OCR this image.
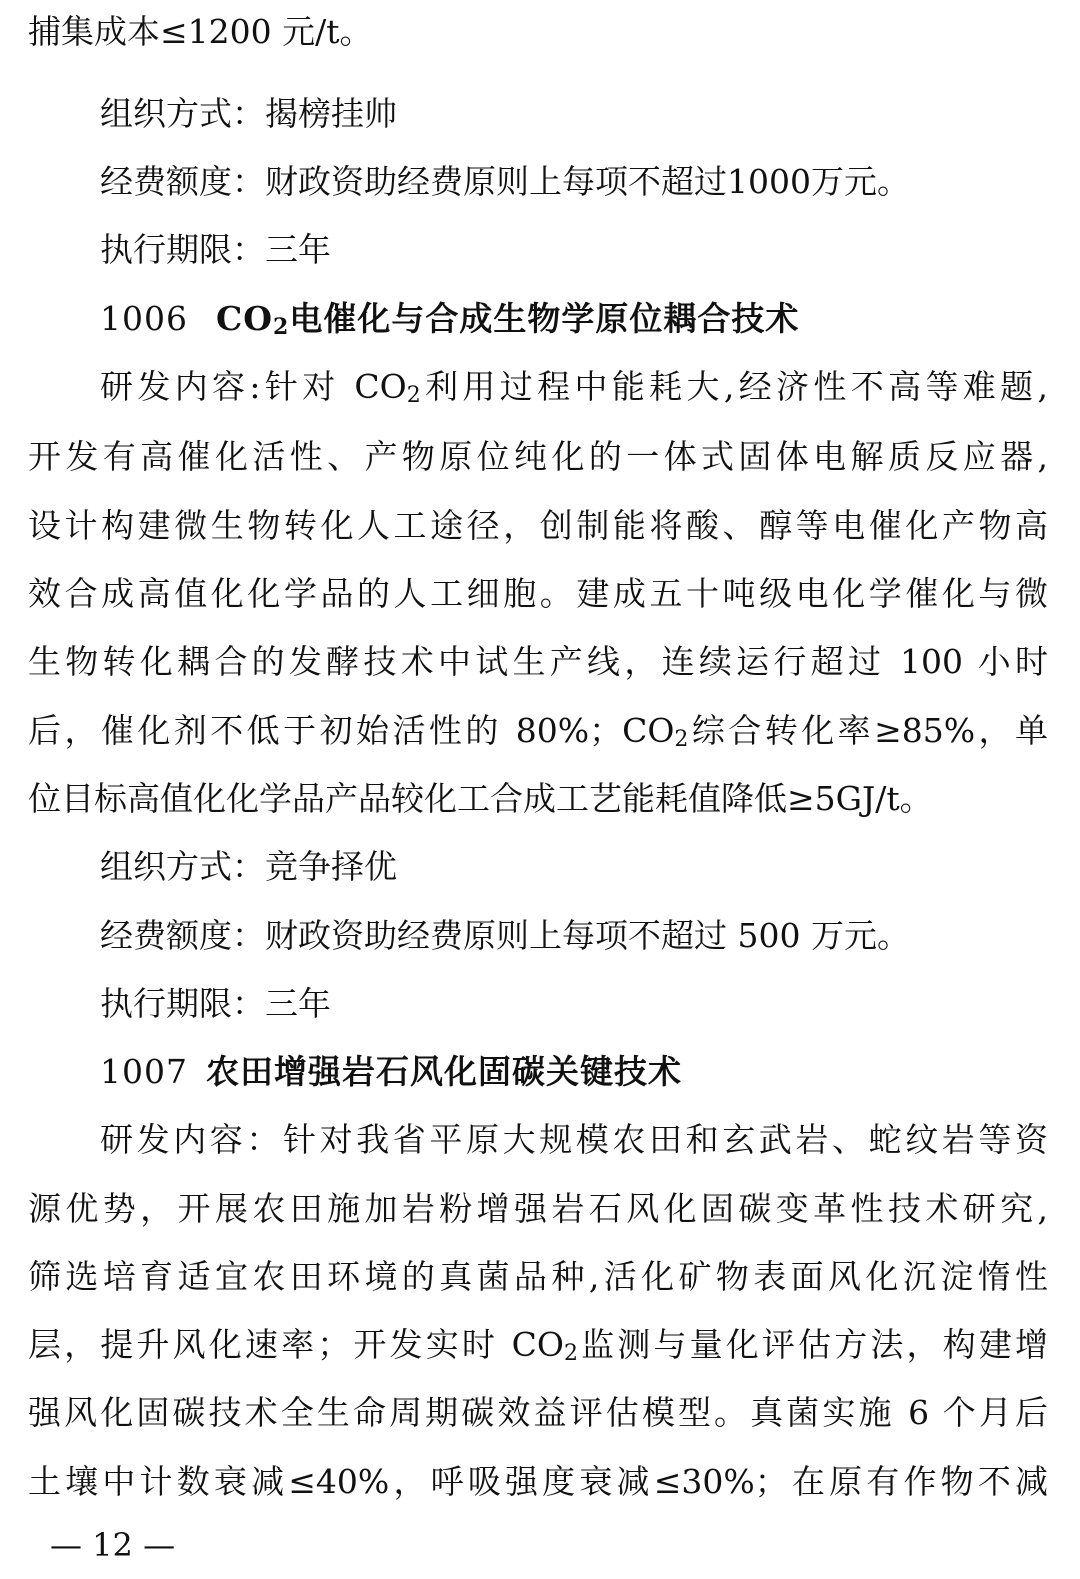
捕集成本≤1200 元/t。
组织方式：揭榜挂帅
经费额度：财政资助经费原则上每项不超过1000万元。
执行期限：三年
1006 $CO_2$电催化与合成生物学原位耦合技术
研发内容:针对 $CO_2$利用过程中能耗大,经济性不高等难题,
开发有高催化活性、产物原位纯化的一体式固体电解质反应器,
设计构建微生物转化人工途径，创制能将酸、醇等电催化产物高
效合成高值化化学品的人工细胞。建成五十吨级电化学催化与微
生物转化耦合的发酵技术中试生产线，连续运行超过 100 小时
后，催化剂不低于初始活性的 80%；$CO_2$综合转化率≥85%，单
位目标高值化化学品产品较化工合成工艺能耗值降低≥5GJ/t。
组织方式：竞争择优
经费额度：财政资助经费原则上每项不超过 500 万元。
执行期限：三年
1007 农田增强岩石风化固碳关键技术
研发内容：针对我省平原大规模农田和玄武岩、蛇纹岩等资
源优势，开展农田施加岩粉增强岩石风化固碳变革性技术研究,
筛选培育适宜农田环境的真菌品种,活化矿物表面风化沉淀惰性
层，提升风化速率；开发实时 $CO_2$监测与量化评估方法，构建增
强风化固碳技术全生命周期碳效益评估模型。真菌实施 6 个月后
土壤中计数衰减≤40%，呼吸强度衰减≤30%；在原有作物不减
— 12 —
